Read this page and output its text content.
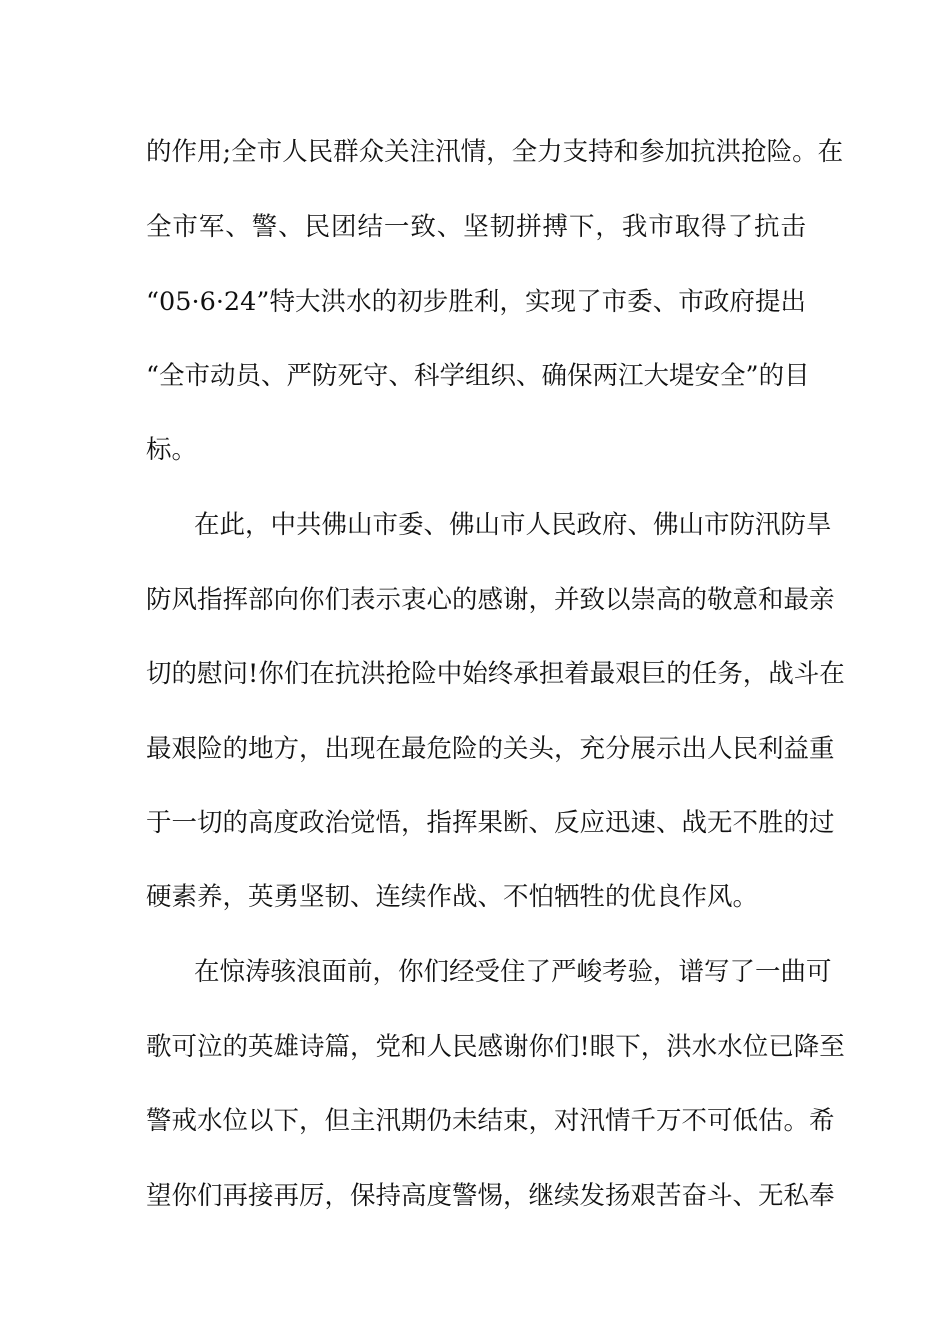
的作用;全市人民群众关注汛情，全力支持和参加抗洪抢险。在
全市军、警、民团结一致、坚韧拼搏下，我市取得了抗击
“05·6·24”特大洪水的初步胜利，实现了市委、市政府提出
“全市动员、严防死守、科学组织、确保两江大堤安全”的目
标。
在此，中共佛山市委、佛山市人民政府、佛山市防汛防旱
防风指挥部向你们表示衷心的感谢，并致以崇高的敬意和最亲
切的慰问!你们在抗洪抢险中始终承担着最艰巨的任务，战斗在
最艰险的地方，出现在最危险的关头，充分展示出人民利益重
于一切的高度政治觉悟，指挥果断、反应迅速、战无不胜的过
硬素养，英勇坚韧、连续作战、不怕牺牲的优良作风。
在惊涛骇浪面前，你们经受住了严峻考验，谱写了一曲可
歌可泣的英雄诗篇，党和人民感谢你们!眼下，洪水水位已降至
警戒水位以下，但主汛期仍未结束，对汛情千万不可低估。希
望你们再接再厉，保持高度警惕，继续发扬艰苦奋斗、无私奉
